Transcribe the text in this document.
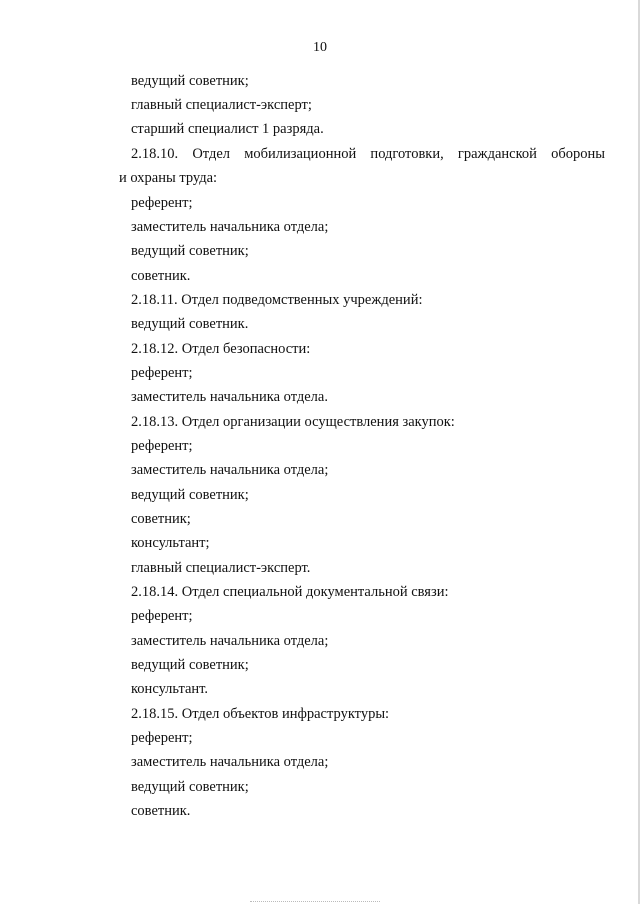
10
ведущий советник;
главный специалист-эксперт;
старший специалист 1 разряда.
2.18.10. Отдел мобилизационной подготовки, гражданской обороны
и охраны труда:
референт;
заместитель начальника отдела;
ведущий советник;
советник.
2.18.11. Отдел подведомственных учреждений:
ведущий советник.
2.18.12. Отдел безопасности:
референт;
заместитель начальника отдела.
2.18.13. Отдел организации осуществления закупок:
референт;
заместитель начальника отдела;
ведущий советник;
советник;
консультант;
главный специалист-эксперт.
2.18.14. Отдел специальной документальной связи:
референт;
заместитель начальника отдела;
ведущий советник;
консультант.
2.18.15. Отдел объектов инфраструктуры:
референт;
заместитель начальника отдела;
ведущий советник;
советник.
